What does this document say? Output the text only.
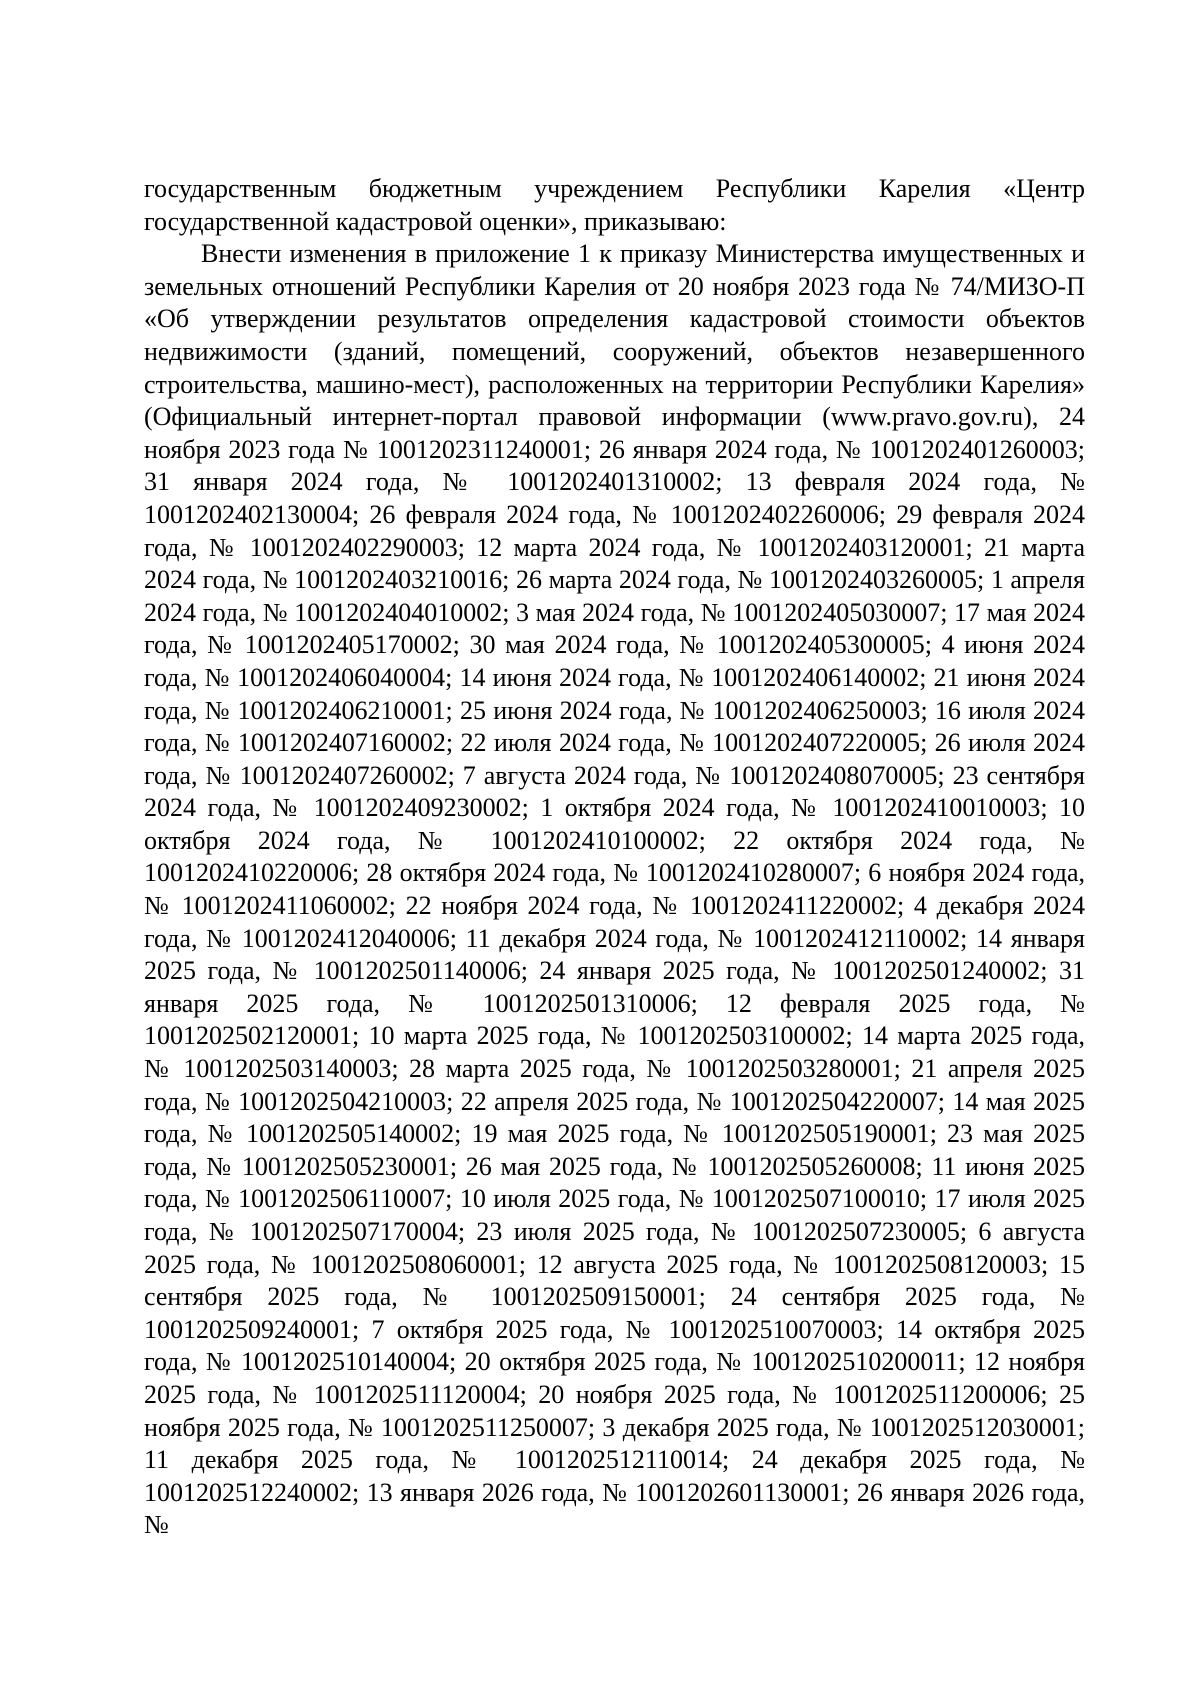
государственным бюджетным учреждением Республики Карелия «Центр государственной кадастровой оценки», приказываю:

Внести изменения в приложение 1 к приказу Министерства имущественных и земельных отношений Республики Карелия от 20 ноября 2023 года № 74/МИЗО-П «Об утверждении результатов определения кадастровой стоимости объектов недвижимости (зданий, помещений, сооружений, объектов незавершенного строительства, машино-мест), расположенных на территории Республики Карелия» (Официальный интернет-портал правовой информации (www.pravo.gov.ru), 24 ноября 2023 года № 1001202311240001; 26 января 2024 года, № 1001202401260003; 31 января 2024 года, № 1001202401310002; 13 февраля 2024 года, № 1001202402130004; 26 февраля 2024 года, № 1001202402260006; 29 февраля 2024 года, № 1001202402290003; 12 марта 2024 года, № 1001202403120001; 21 марта 2024 года, № 1001202403210016; 26 марта 2024 года, № 1001202403260005; 1 апреля 2024 года, № 1001202404010002; 3 мая 2024 года, № 1001202405030007; 17 мая 2024 года, № 1001202405170002; 30 мая 2024 года, № 1001202405300005; 4 июня 2024 года, № 1001202406040004; 14 июня 2024 года, № 1001202406140002; 21 июня 2024 года, № 1001202406210001; 25 июня 2024 года, № 1001202406250003; 16 июля 2024 года, № 1001202407160002; 22 июля 2024 года, № 1001202407220005; 26 июля 2024 года, № 1001202407260002; 7 августа 2024 года, № 1001202408070005; 23 сентября 2024 года, № 1001202409230002; 1 октября 2024 года, № 1001202410010003; 10 октября 2024 года, № 1001202410100002; 22 октября 2024 года, № 1001202410220006; 28 октября 2024 года, № 1001202410280007; 6 ноября 2024 года, № 1001202411060002; 22 ноября 2024 года, № 1001202411220002; 4 декабря 2024 года, № 1001202412040006; 11 декабря 2024 года, № 1001202412110002; 14 января 2025 года, № 1001202501140006; 24 января 2025 года, № 1001202501240002; 31 января 2025 года, № 1001202501310006; 12 февраля 2025 года, № 1001202502120001; 10 марта 2025 года, № 1001202503100002; 14 марта 2025 года, № 1001202503140003; 28 марта 2025 года, № 1001202503280001; 21 апреля 2025 года, № 1001202504210003; 22 апреля 2025 года, № 1001202504220007; 14 мая 2025 года, № 1001202505140002; 19 мая 2025 года, № 1001202505190001; 23 мая 2025 года, № 1001202505230001; 26 мая 2025 года, № 1001202505260008; 11 июня 2025 года, № 1001202506110007; 10 июля 2025 года, № 1001202507100010; 17 июля 2025 года, № 1001202507170004; 23 июля 2025 года, № 1001202507230005; 6 августа 2025 года, № 1001202508060001; 12 августа 2025 года, № 1001202508120003; 15 сентября 2025 года, № 1001202509150001; 24 сентября 2025 года, № 1001202509240001; 7 октября 2025 года, № 1001202510070003; 14 октября 2025 года, № 1001202510140004; 20 октября 2025 года, № 1001202510200011; 12 ноября 2025 года, № 1001202511120004; 20 ноября 2025 года, № 1001202511200006; 25 ноября 2025 года, № 1001202511250007; 3 декабря 2025 года, № 1001202512030001; 11 декабря 2025 года, № 1001202512110014; 24 декабря 2025 года, № 1001202512240002; 13 января 2026 года, № 1001202601130001; 26 января 2026 года, №
